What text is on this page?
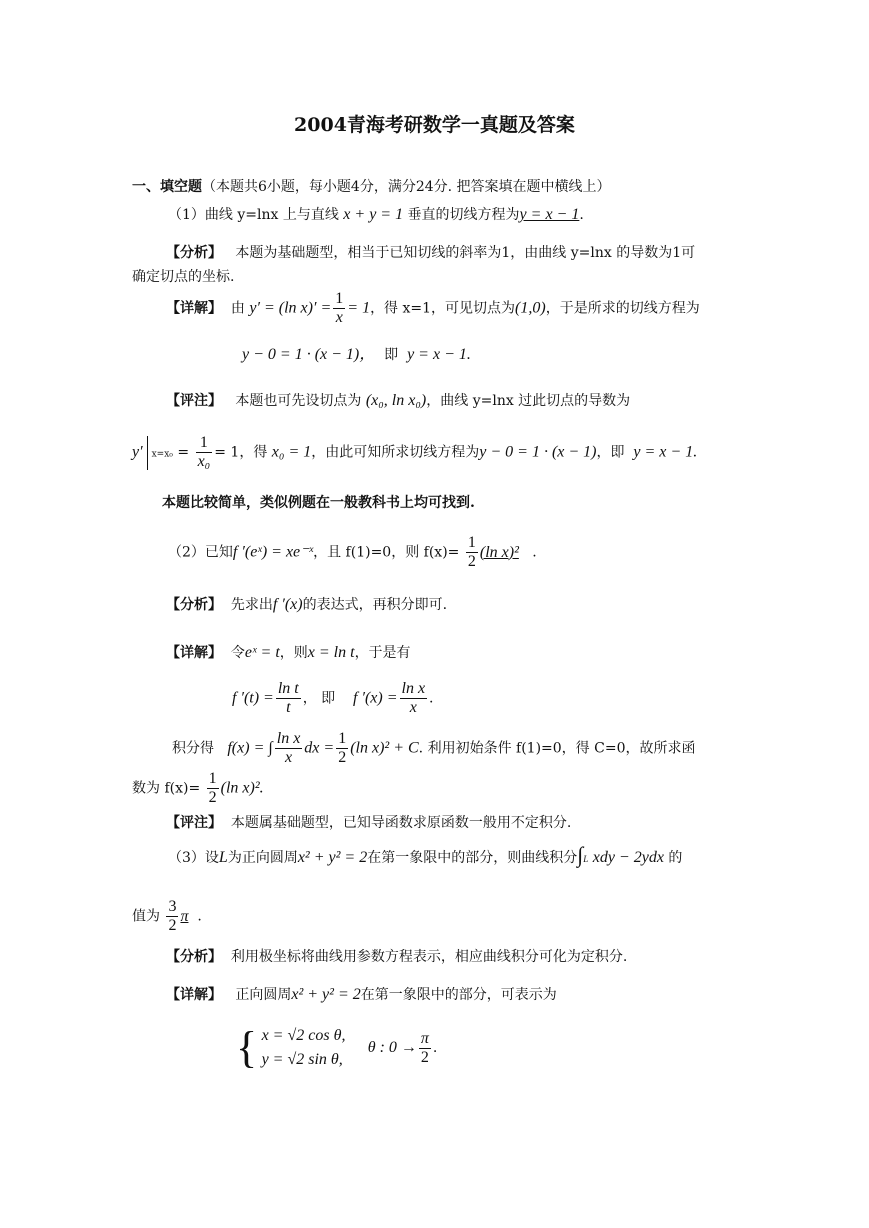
2004青海考研数学一真题及答案
一、填空题（本题共6小题，每小题4分，满分24分. 把答案填在题中横线上）
（1）曲线 y=lnx 上与直线 x + y = 1 垂直的切线方程为y = x − 1.
【分析】 本题为基础题型，相当于已知切线的斜率为1，由曲线 y=lnx 的导数为1可
确定切点的坐标.
【详解】 由 y′ = (ln $x)' = \frac{1}{x} = 1$，得 x=1，可见切点为(1,0)，于是所求的切线方程为
y − 0 = 1 · (x − 1)， 即 y = x − 1.
【评注】 本题也可先设切点为 (x₀, ln x₀)，曲线 y=lnx 过此切点的导数为
y′ $x=x_0 = \frac{1}{\text{x₀}} = 1$，得 x₀ = 1，由此可知所求切线方程为y − 0 = 1 · (x − 1)，即 y = x − 1.
本题比较简单，类似例题在一般教科书上均可找到.
（2）已知f ′(eˣ) = xe⁻ˣ，且 f(1)=0，则 $f(x)= \frac{1}{2} (\ln$ x)² .
【分析】 先求出f ′(x)的表达式，再积分即可.
【详解】 令eˣ = t，则x = ln t，于是有
f $'(t) = \frac{\text{ln t}}{t}$ ， 即 f $'(x) = \frac{\text{ln x}}{x}$ .
积分得 f(x) = ∫ $\frac{\text{ln x}}{x}$ dx = $\frac{1}{2} (\ln$ x)² + C. 利用初始条件 f(1)=0，得 C=0，故所求函
数为 $f(x)= \frac{1}{2} (\ln$ x)².
【评注】 本题属基础题型，已知导函数求原函数一般用不定积分.
（3）设L为正向圆周x² + y² = 2在第一象限中的部分，则曲线积分∫L xdy − 2ydx 的
值为 $\frac{3}{2}$ π .
【分析】 利用极坐标将曲线用参数方程表示，相应曲线积分可化为定积分.
【详解】 正向圆周x² + y² = 2在第一象限中的部分，可表示为
{ x = √2 cos θ,
y = √2 sin θ,
θ : $0 \to \frac{\pi}{2}$ .
